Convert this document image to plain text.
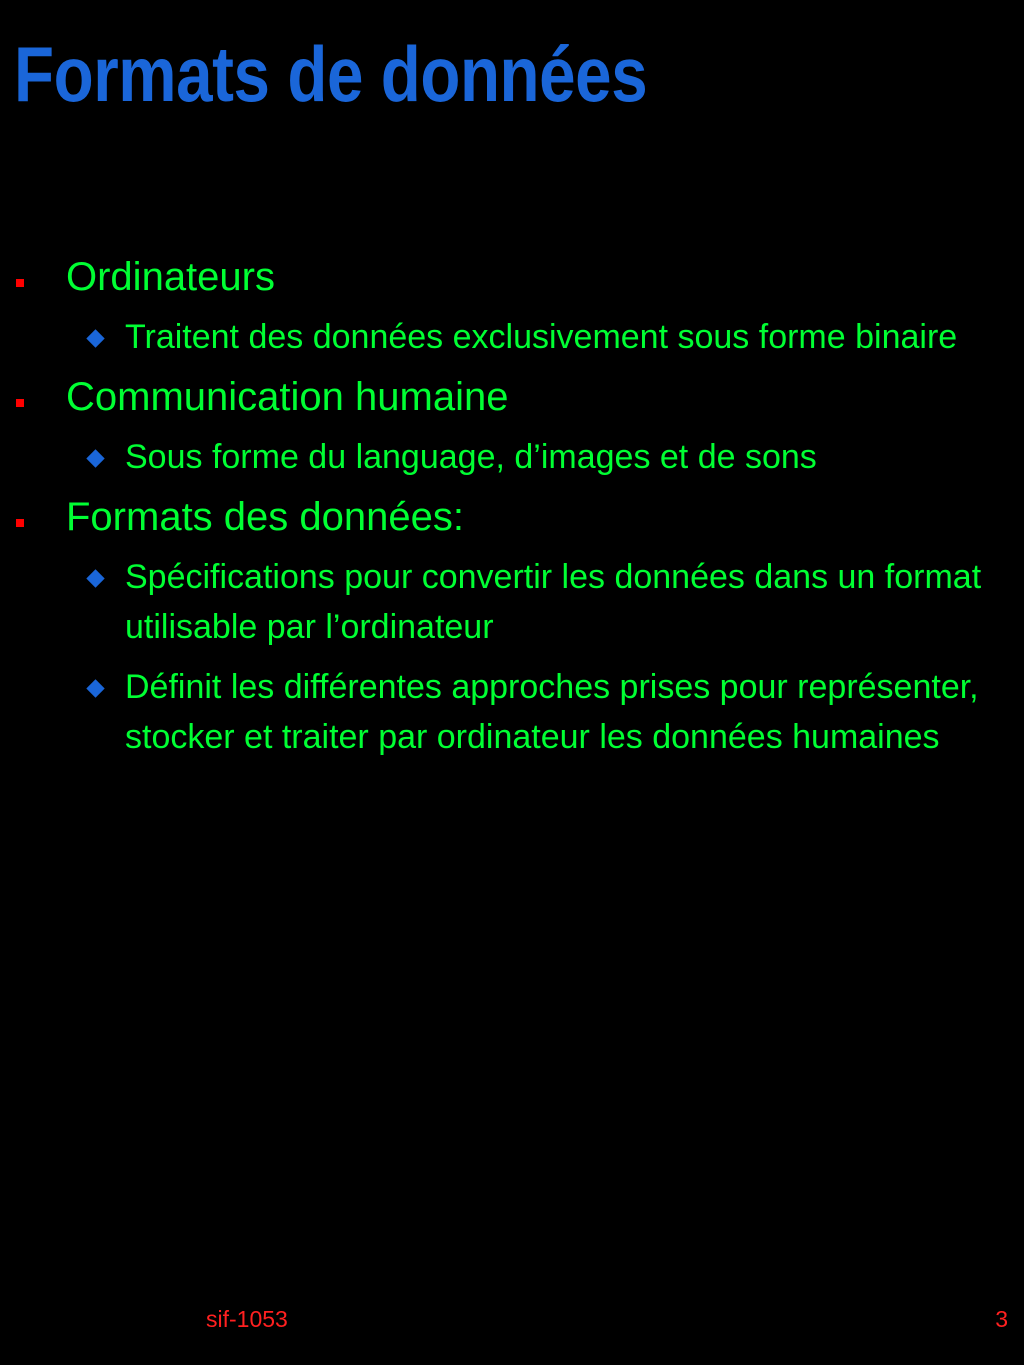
Formats de données
Ordinateurs
Traitent des données exclusivement sous forme binaire
Communication humaine
Sous forme du language, d’images et de sons
Formats des données:
Spécifications pour convertir les données dans un format utilisable par l’ordinateur
Définit les différentes approches prises pour représenter, stocker et traiter par ordinateur les données humaines
sif-1053	3
